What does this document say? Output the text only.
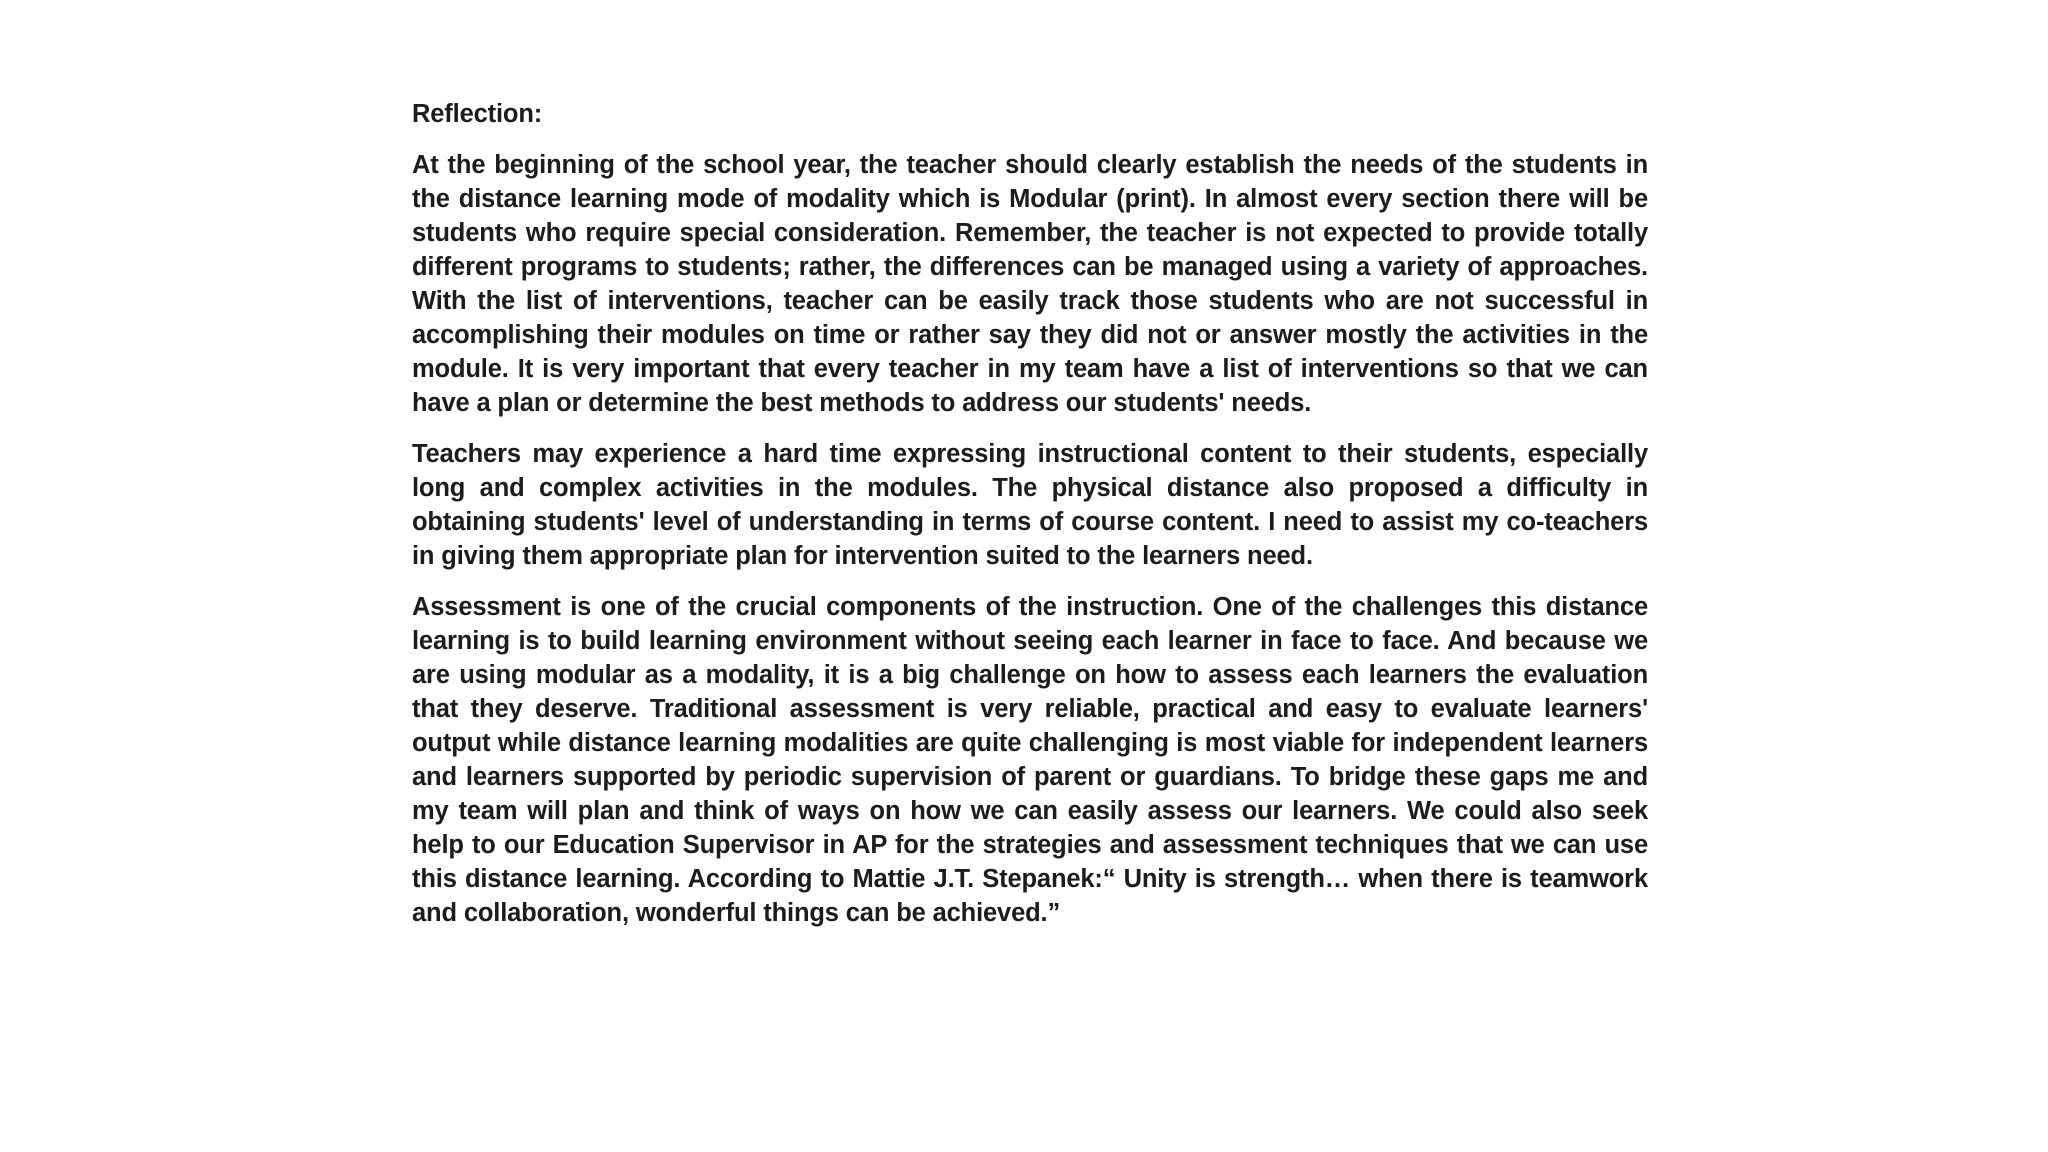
Reflection:

At the beginning of the school year, the teacher should clearly establish the needs of the students in the distance learning mode of modality which is Modular (print). In almost every section there will be students who require special consideration. Remember, the teacher is not expected to provide totally different programs to students; rather, the differences can be managed using a variety of approaches. With the list of interventions, teacher can be easily track those students who are not successful in accomplishing their modules on time or rather say they did not or answer mostly the activities in the module. It is very important that every teacher in my team have a list of interventions so that we can have a plan or determine the best methods to address our students' needs.

Teachers may experience a hard time expressing instructional content to their students, especially long and complex activities in the modules. The physical distance also proposed a difficulty in obtaining students' level of understanding in terms of course content. I need to assist my co-teachers in giving them appropriate plan for intervention suited to the learners need.

Assessment is one of the crucial components of the instruction. One of the challenges this distance learning is to build learning environment without seeing each learner in face to face. And because we are using modular as a modality, it is a big challenge on how to assess each learners the evaluation that they deserve. Traditional assessment is very reliable, practical and easy to evaluate learners' output while distance learning modalities are quite challenging is most viable for independent learners and learners supported by periodic supervision of parent or guardians. To bridge these gaps me and my team will plan and think of ways on how we can easily assess our learners. We could also seek help to our Education Supervisor in AP for the strategies and assessment techniques that we can use this distance learning. According to Mattie J.T. Stepanek:“ Unity is strength… when there is teamwork and collaboration, wonderful things can be achieved.”
